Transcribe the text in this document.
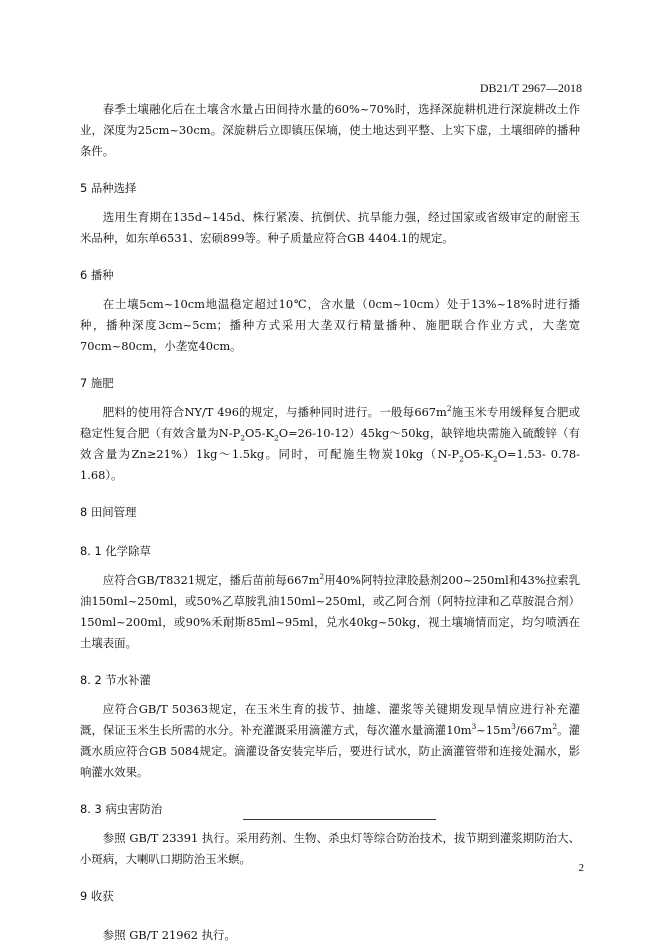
DB21/T 2967—2018

春季土壤融化后在土壤含水量占田间持水量的60%~70%时，选择深旋耕机进行深旋耕改土作业，深度为25cm~30cm。深旋耕后立即镇压保墒，使土地达到平整、上实下虚，土壤细碎的播种条件。

5 品种选择

选用生育期在135d~145d、株行紧凑、抗倒伏、抗旱能力强，经过国家或省级审定的耐密玉米品种，如东单6531、宏硕899等。种子质量应符合GB 4404.1的规定。

6 播种

在土壤5cm~10cm地温稳定超过10℃，含水量（0cm~10cm）处于13%~18%时进行播种，播种深度3cm~5cm；播种方式采用大垄双行精量播种、施肥联合作业方式，大垄宽70cm~80cm，小垄宽40cm。

7 施肥

肥料的使用符合NY/T 496的规定，与播种同时进行。一般每$667m^2$施玉米专用缓释复合肥或稳定性复合肥（有效含量为$N-P_2O5-K_2O=26-10-12)45kg\sim 50kg$，缺锌地块需施入硫酸锌（有效含量为Zn≥21%）1kg～1.5kg。同时，可配施生物炭$10kg(N-P_2O5-K_2O=1.53-$ 0.78-1.68）。

8 田间管理

8. 1 化学除草

应符合GB/T8321规定，播后苗前每$667m^2$用40%阿特拉津胶悬剂200~250ml和43%拉索乳油150ml~250ml，或50%乙草胺乳油150ml~250ml，或乙阿合剂（阿特拉津和乙草胺混合剂）150ml~200ml，或90%禾耐斯85ml~95ml，兑水40kg~50kg，视土壤墒情而定，均匀喷洒在土壤表面。

8. 2 节水补灌

应符合GB/T 50363规定，在玉米生育的拔节、抽雄、灌浆等关键期发现旱情应进行补充灌溉，保证玉米生长所需的水分。补充灌溉采用滴灌方式，每次灌水量滴灌$10m^3\sim 15m^3/667m^2$。灌溉水质应符合GB 5084规定。滴灌设备安装完毕后，要进行试水，防止滴灌管带和连接处漏水，影响灌水效果。

8. 3 病虫害防治

参照 GB/T 23391 执行。采用药剂、生物、杀虫灯等综合防治技术，拔节期到灌浆期防治大、小斑病，大喇叭口期防治玉米螟。

9 收获

参照 GB/T 21962 执行。

2
